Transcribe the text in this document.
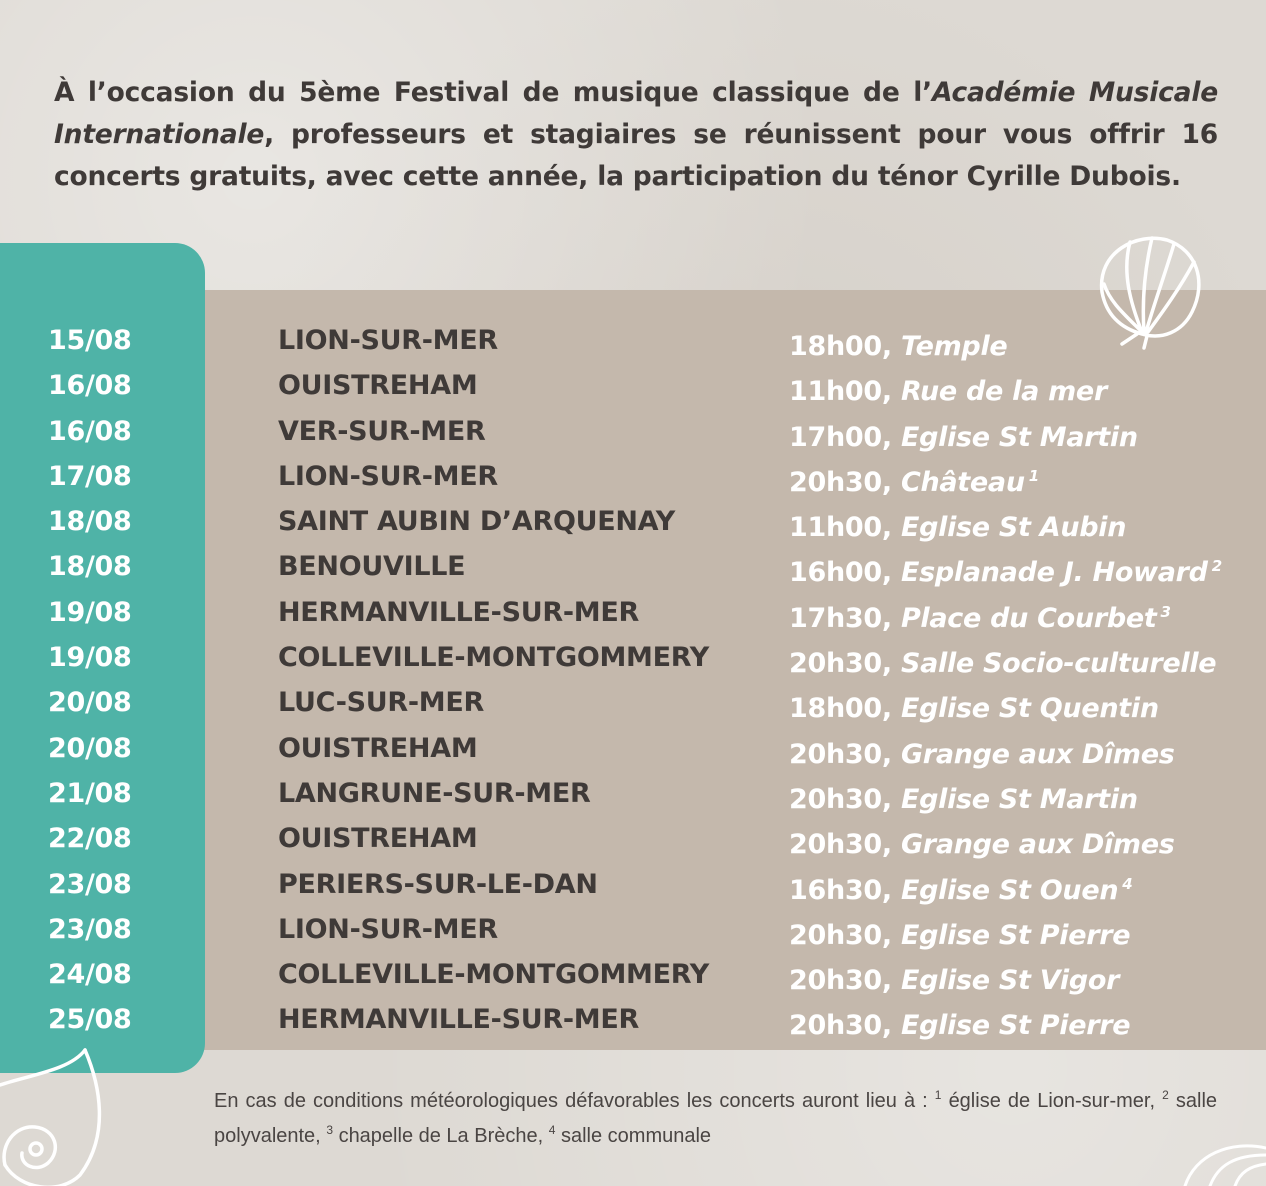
À l’occasion du 5ème Festival de musique classique de l’Académie Musicale Internationale, professeurs et stagiaires se réunissent pour vous offrir 16 concerts gratuits, avec cette année, la participation du ténor Cyrille Dubois.

15/08	LION-SUR-MER	18h00, Temple
16/08	OUISTREHAM	11h00, Rue de la mer
16/08	VER-SUR-MER	17h00, Eglise St Martin
17/08	LION-SUR-MER	20h30, Château $^1$
18/08	SAINT AUBIN D’ARQUENAY	11h00, Eglise St Aubin
18/08	BENOUVILLE	16h00, Esplanade J. Howard $^2$
19/08	HERMANVILLE-SUR-MER	17h30, Place du Courbet $^3$
19/08	COLLEVILLE-MONTGOMMERY	20h30, Salle Socio-culturelle
20/08	LUC-SUR-MER	18h00, Eglise St Quentin
20/08	OUISTREHAM	20h30, Grange aux Dîmes
21/08	LANGRUNE-SUR-MER	20h30, Eglise St Martin
22/08	OUISTREHAM	20h30, Grange aux Dîmes
23/08	PERIERS-SUR-LE-DAN	16h30, Eglise St Ouen $^4$
23/08	LION-SUR-MER	20h30, Eglise St Pierre
24/08	COLLEVILLE-MONTGOMMERY	20h30, Eglise St Vigor
25/08	HERMANVILLE-SUR-MER	20h30, Eglise St Pierre

En cas de conditions météorologiques défavorables les concerts auront lieu à : $^1$ église de Lion-sur-mer, $^2$ salle polyvalente, $^3$ chapelle de La Brèche, $^4$ salle communale
